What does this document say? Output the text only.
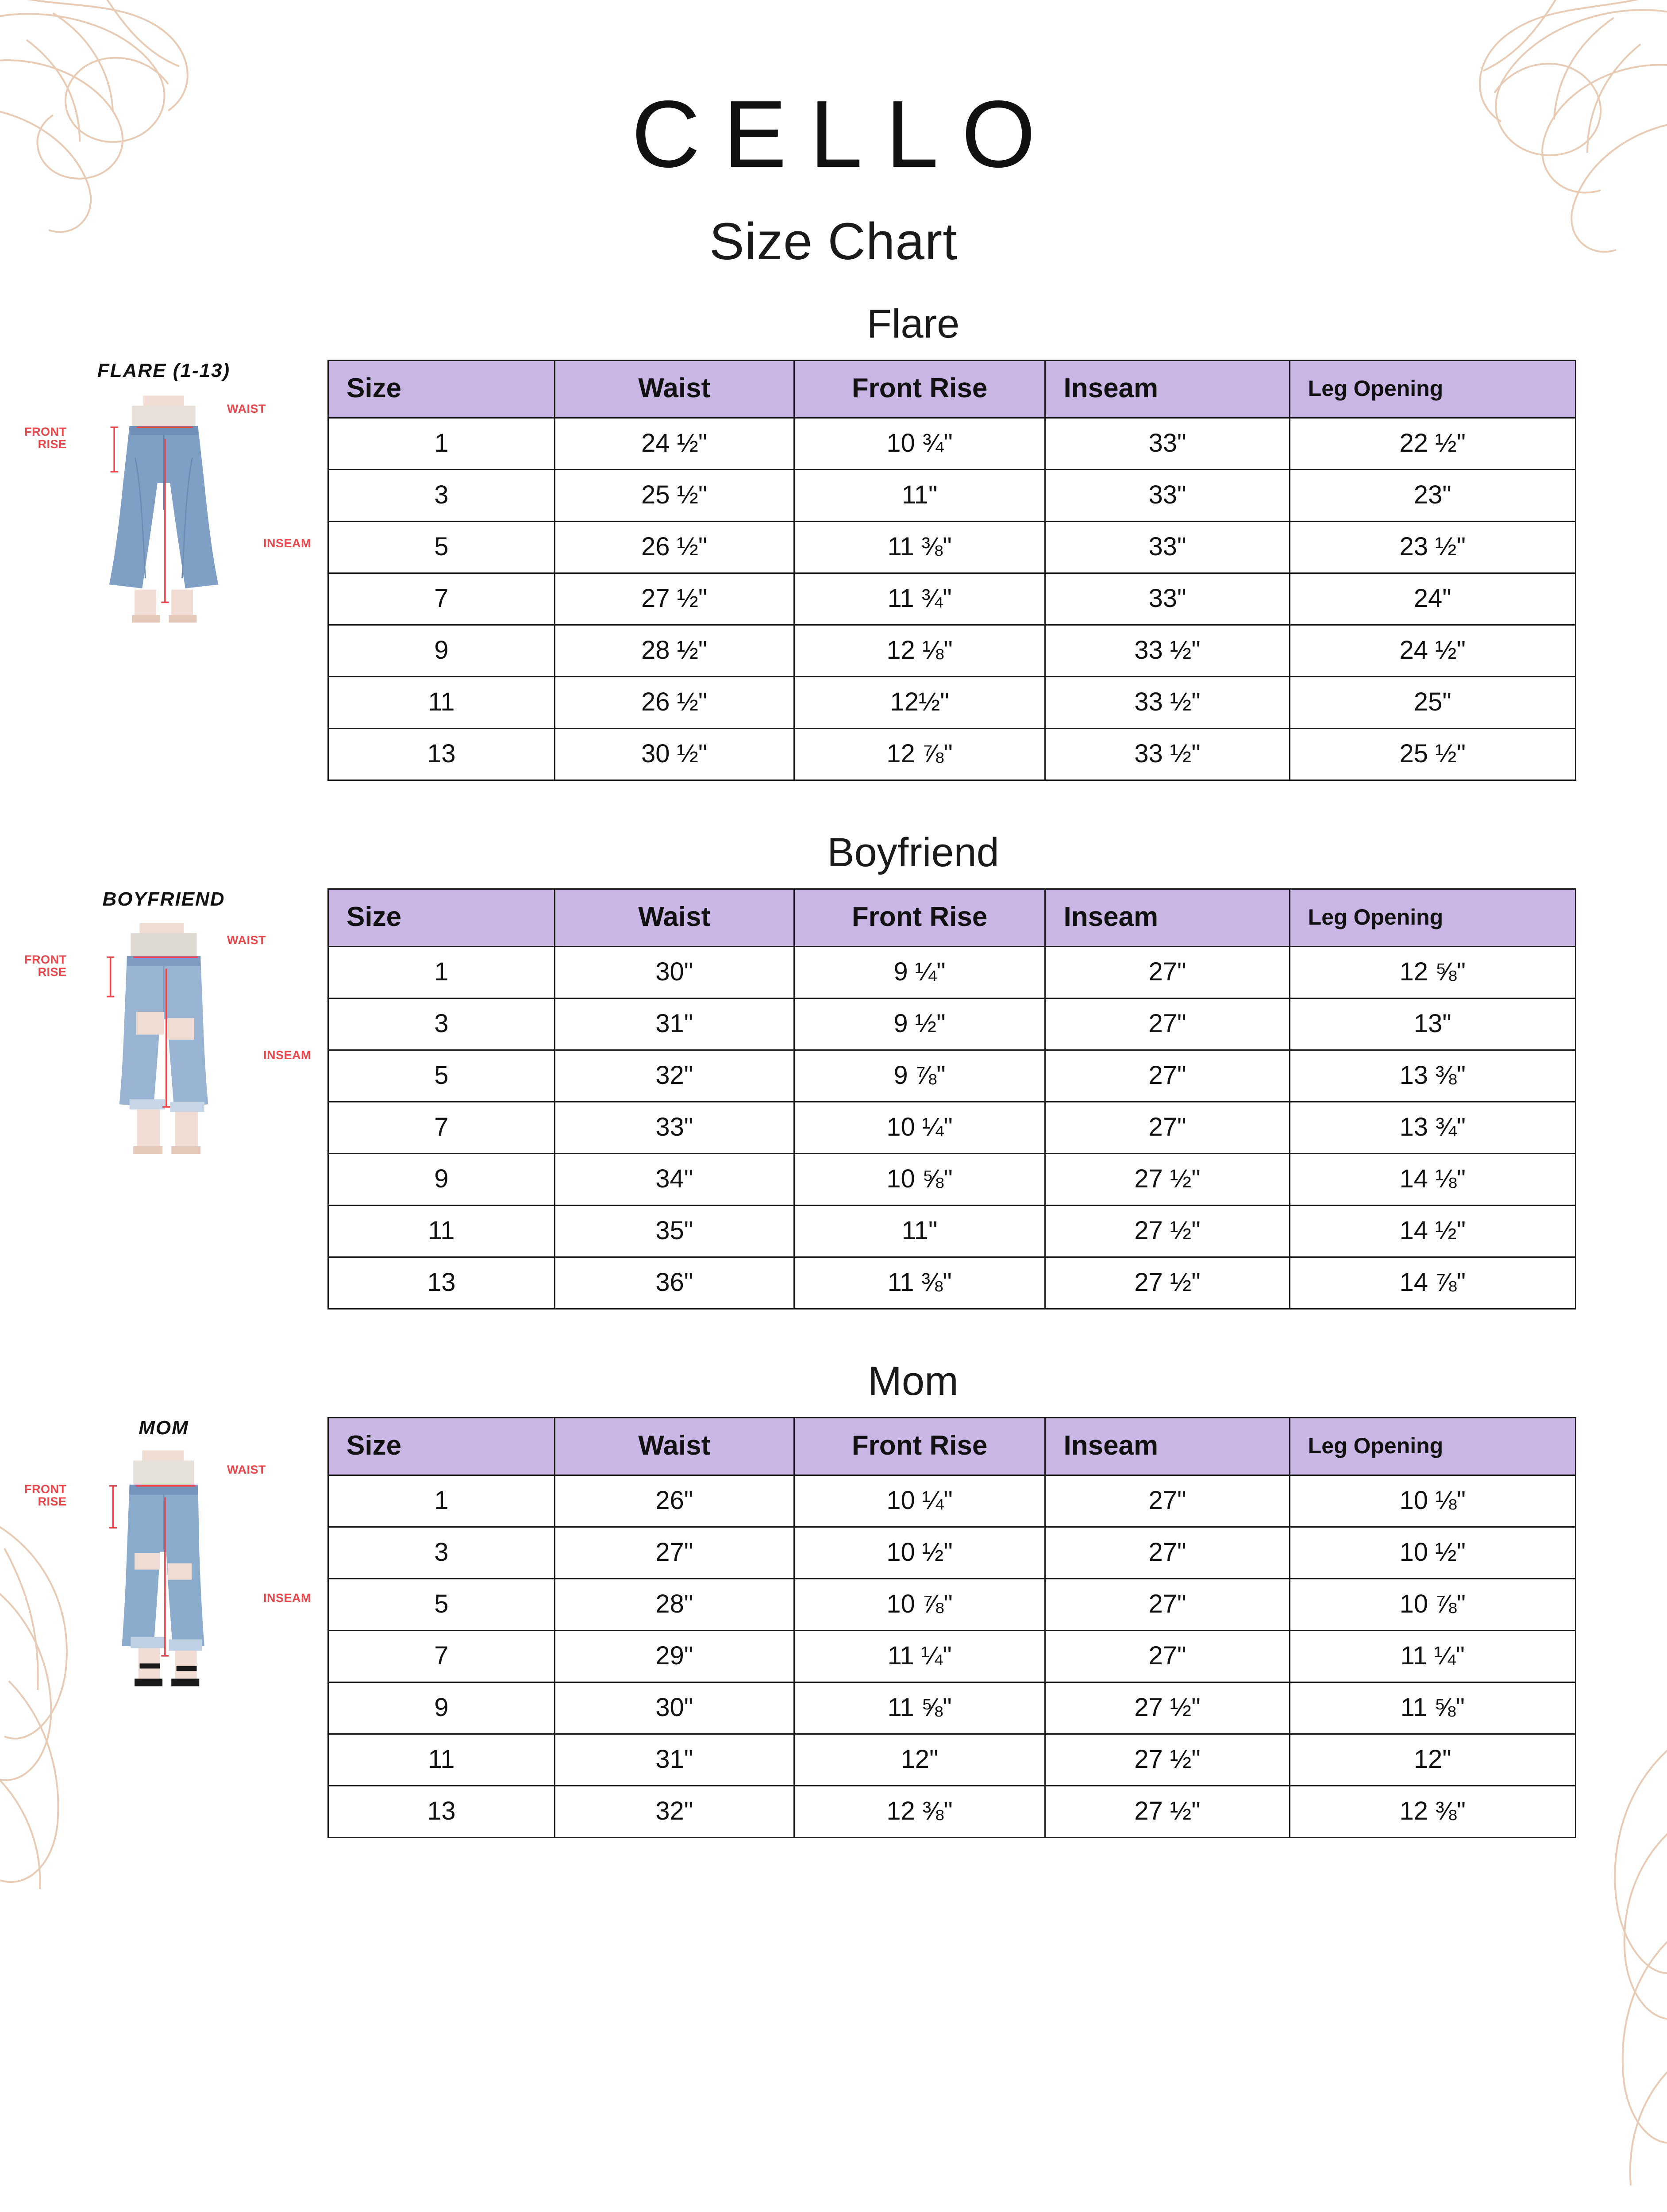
CELLO
Size Chart
Flare
FLARE (1-13)
WAIST
FRONT
RISE
INSEAM
Size	Waist	Front Rise	Inseam	Leg Opening
1	24 ½"	10 ¾"	33"	22 ½"
3	25 ½"	11"	33"	23"
5	26 ½"	11 ⅜"	33"	23 ½"
7	27 ½"	11 ¾"	33"	24"
9	28 ½"	12 ⅛"	33 ½"	24 ½"
11	26 ½"	12½"	33 ½"	25"
13	30 ½"	12 ⅞"	33 ½"	25 ½"
Boyfriend
BOYFRIEND
WAIST
FRONT
RISE
INSEAM
Size	Waist	Front Rise	Inseam	Leg Opening
1	30"	9 ¼"	27"	12 ⅝"
3	31"	9 ½"	27"	13"
5	32"	9 ⅞"	27"	13 ⅜"
7	33"	10 ¼"	27"	13 ¾"
9	34"	10 ⅝"	27 ½"	14 ⅛"
11	35"	11"	27 ½"	14 ½"
13	36"	11 ⅜"	27 ½"	14 ⅞"
Mom
MOM
WAIST
FRONT
RISE
INSEAM
Size	Waist	Front Rise	Inseam	Leg Opening
1	26"	10 ¼"	27"	10 ⅛"
3	27"	10 ½"	27"	10 ½"
5	28"	10 ⅞"	27"	10 ⅞"
7	29"	11 ¼"	27"	11 ¼"
9	30"	11 ⅝"	27 ½"	11 ⅝"
11	31"	12"	27 ½"	12"
13	32"	12 ⅜"	27 ½"	12 ⅜"
